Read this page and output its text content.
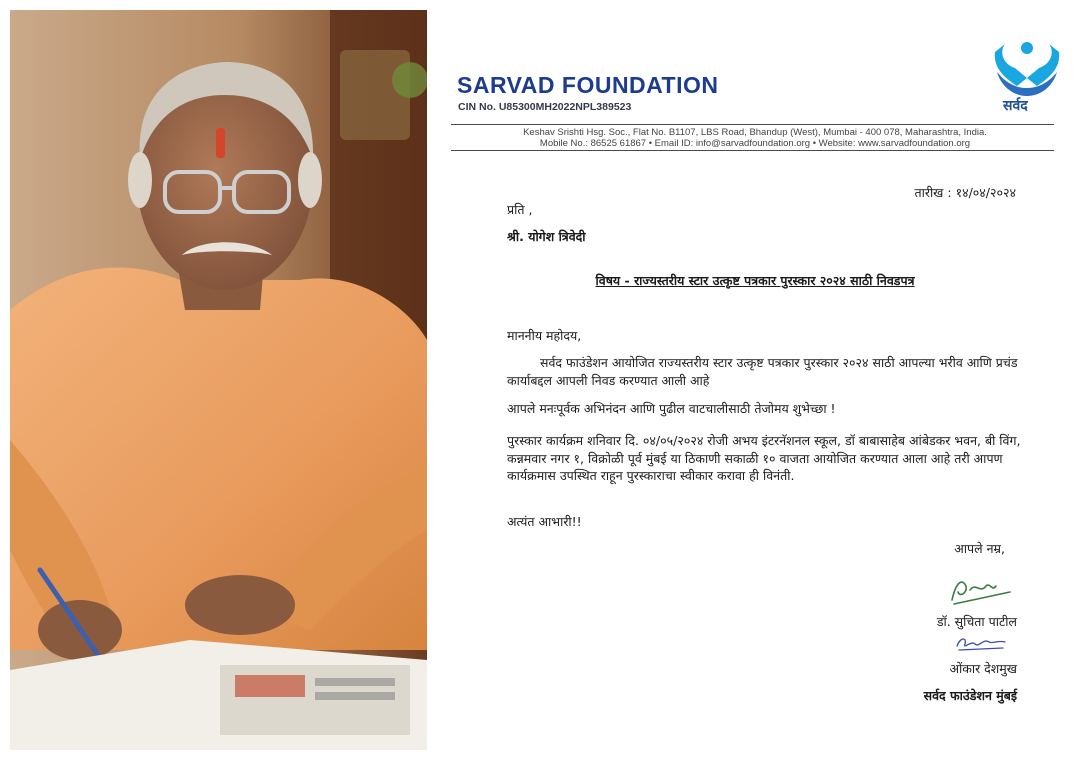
SARVAD FOUNDATION
CIN No. U85300MH2022NPL389523	सर्वद
Keshav Srishti Hsg. Soc., Flat No. B1107, LBS Road, Bhandup (West), Mumbai - 400 078, Maharashtra, India.
Mobile No.: 86525 61867 • Email ID: info@sarvadfoundation.org • Website: www.sarvadfoundation.org
तारीख : १४/०४/२०२४
प्रति ,
श्री. योगेश त्रिवेदी
विषय - राज्यस्तरीय स्टार उत्कृष्ट पत्रकार पुरस्कार २०२४ साठी निवडपत्र
माननीय महोदय,
सर्वद फाउंडेशन आयोजित राज्यस्तरीय स्टार उत्कृष्ट पत्रकार पुरस्कार २०२४ साठी आपल्या भरीव आणि प्रचंड कार्याबद्दल आपली निवड करण्यात आली आहे
आपले मनःपूर्वक अभिनंदन आणि पुढील वाटचालीसाठी तेजोमय शुभेच्छा !
पुरस्कार कार्यक्रम शनिवार दि. ०४/०५/२०२४ रोजी अभय इंटरनॅशनल स्कूल, डॉ बाबासाहेब आंबेडकर भवन, बी विंग, कन्नमवार नगर १, विक्रोळी पूर्व मुंबई या ठिकाणी सकाळी १० वाजता आयोजित करण्यात आला आहे तरी आपण कार्यक्रमास उपस्थित राहून पुरस्काराचा स्वीकार करावा ही विनंती.
अत्यंत आभारी!!
आपले नम्र,
डॉ. सुचिता पाटील
ओंकार देशमुख
सर्वद फाउंडेशन मुंबई
